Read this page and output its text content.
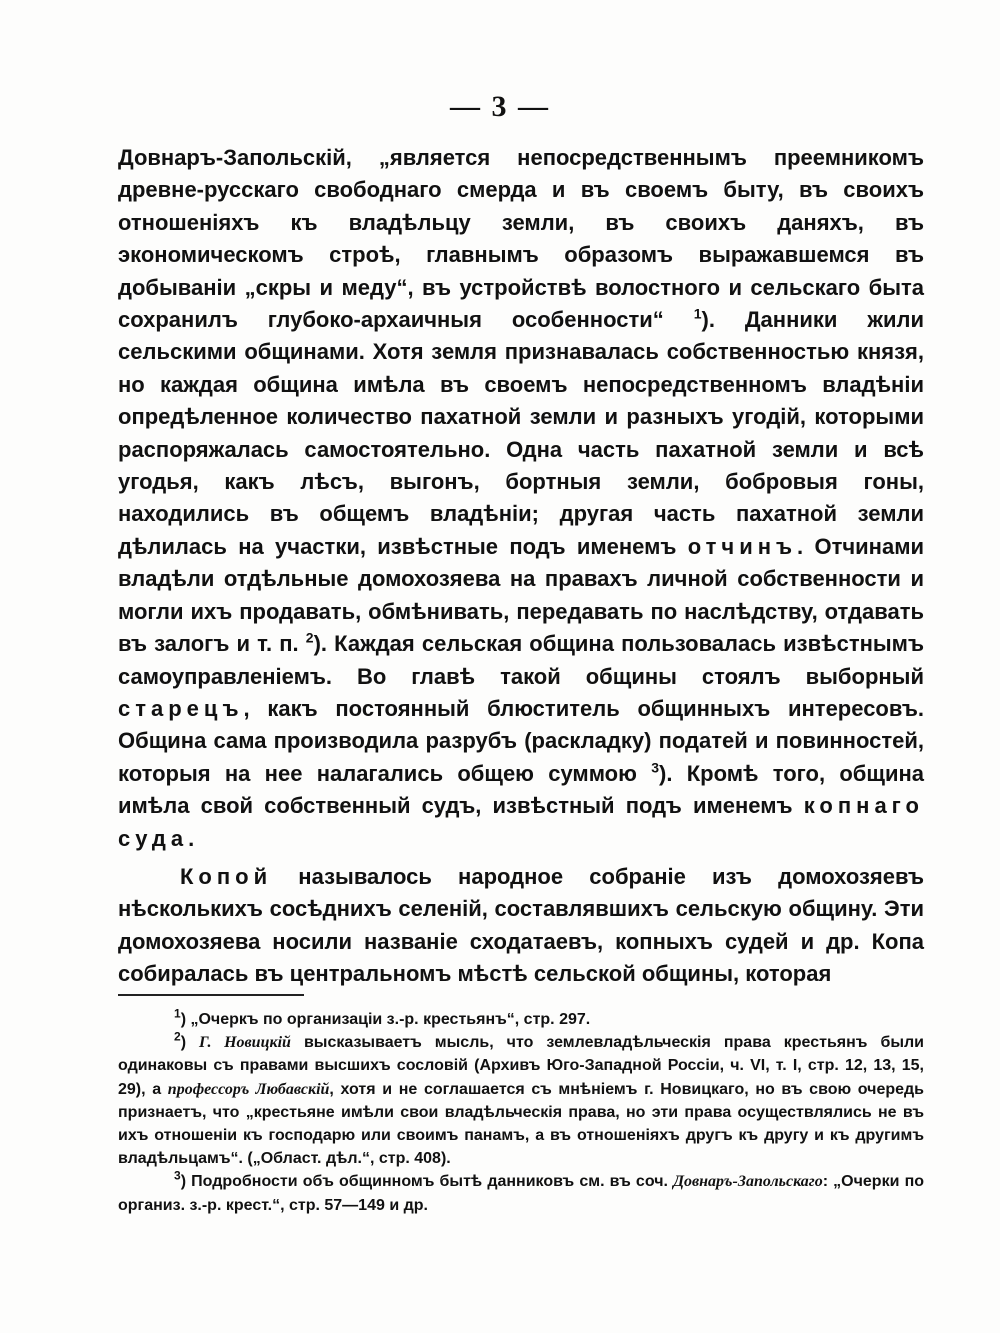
— 3 —

Довнаръ-Запольскій, „является непосредственнымъ преемникомъ древне-русскаго свободнаго смерда и въ своемъ быту, въ своихъ отношеніяхъ къ владѣльцу земли, въ своихъ даняхъ, въ экономическомъ строѣ, главнымъ образомъ выражавшемся въ добываніи „скры и меду“, въ устройствѣ волостного и сельскаго быта сохранилъ глубоко-архаичныя особенности“ $^1$). Данники жили сельскими общинами. Хотя земля признавалась собственностью князя, но каждая община имѣла въ своемъ непосредственномъ владѣніи опредѣленное количество пахатной земли и разныхъ угодій, которыми распоряжалась самостоятельно. Одна часть пахатной земли и всѣ угодья, какъ лѣсъ, выгонъ, бортныя земли, бобровыя гоны, находились въ общемъ владѣніи; другая часть пахатной земли дѣлилась на участки, извѣстные подъ именемъ отчинъ. Отчинами владѣли отдѣльные домохозяева на правахъ личной собственности и могли ихъ продавать, обмѣнивать, передавать по наслѣдству, отдавать въ залогъ и т. п. $^2$). Каждая сельская община пользовалась извѣстнымъ самоуправленіемъ. Во главѣ такой общины стоялъ выборный старецъ, какъ постоянный блюститель общинныхъ интересовъ. Община сама производила разрубъ (раскладку) податей и повинностей, которыя на нее налагались общею суммою $^3$). Кромѣ того, община имѣла свой собственный судъ, извѣстный подъ именемъ копнаго суда.

Копой называлось народное собраніе изъ домохозяевъ нѣсколькихъ сосѣднихъ селеній, составлявшихъ сельскую общину. Эти домохозяева носили названіе сходатаевъ, копныхъ судей и др. Копа собиралась въ центральномъ мѣстѣ сельской общины, которая

$^1$) „Очеркъ по организаціи з.-р. крестьянъ“, стр. 297.

$^2$) Г. Новицкій высказываетъ мысль, что землевладѣльческія права крестьянъ были одинаковы съ правами высшихъ сословій (Архивъ Юго-Западной Россіи, ч. VI, т. I, стр. 12, 13, 15, 29), а профессоръ Любавскій, хотя и не соглашается съ мнѣніемъ г. Новицкаго, но въ свою очередь признаетъ, что „крестьяне имѣли свои владѣльческія права, но эти права осуществлялись не въ ихъ отношеніи къ господарю или своимъ панамъ, а въ отношеніяхъ другъ къ другу и къ другимъ владѣльцамъ“. („Област. дѣл.“, стр. 408).

$^3$) Подробности объ общинномъ бытѣ данниковъ см. въ соч. Довнаръ-Запольскаго: „Очерки по организ. з.-р. крест.“, стр. 57—149 и др.
